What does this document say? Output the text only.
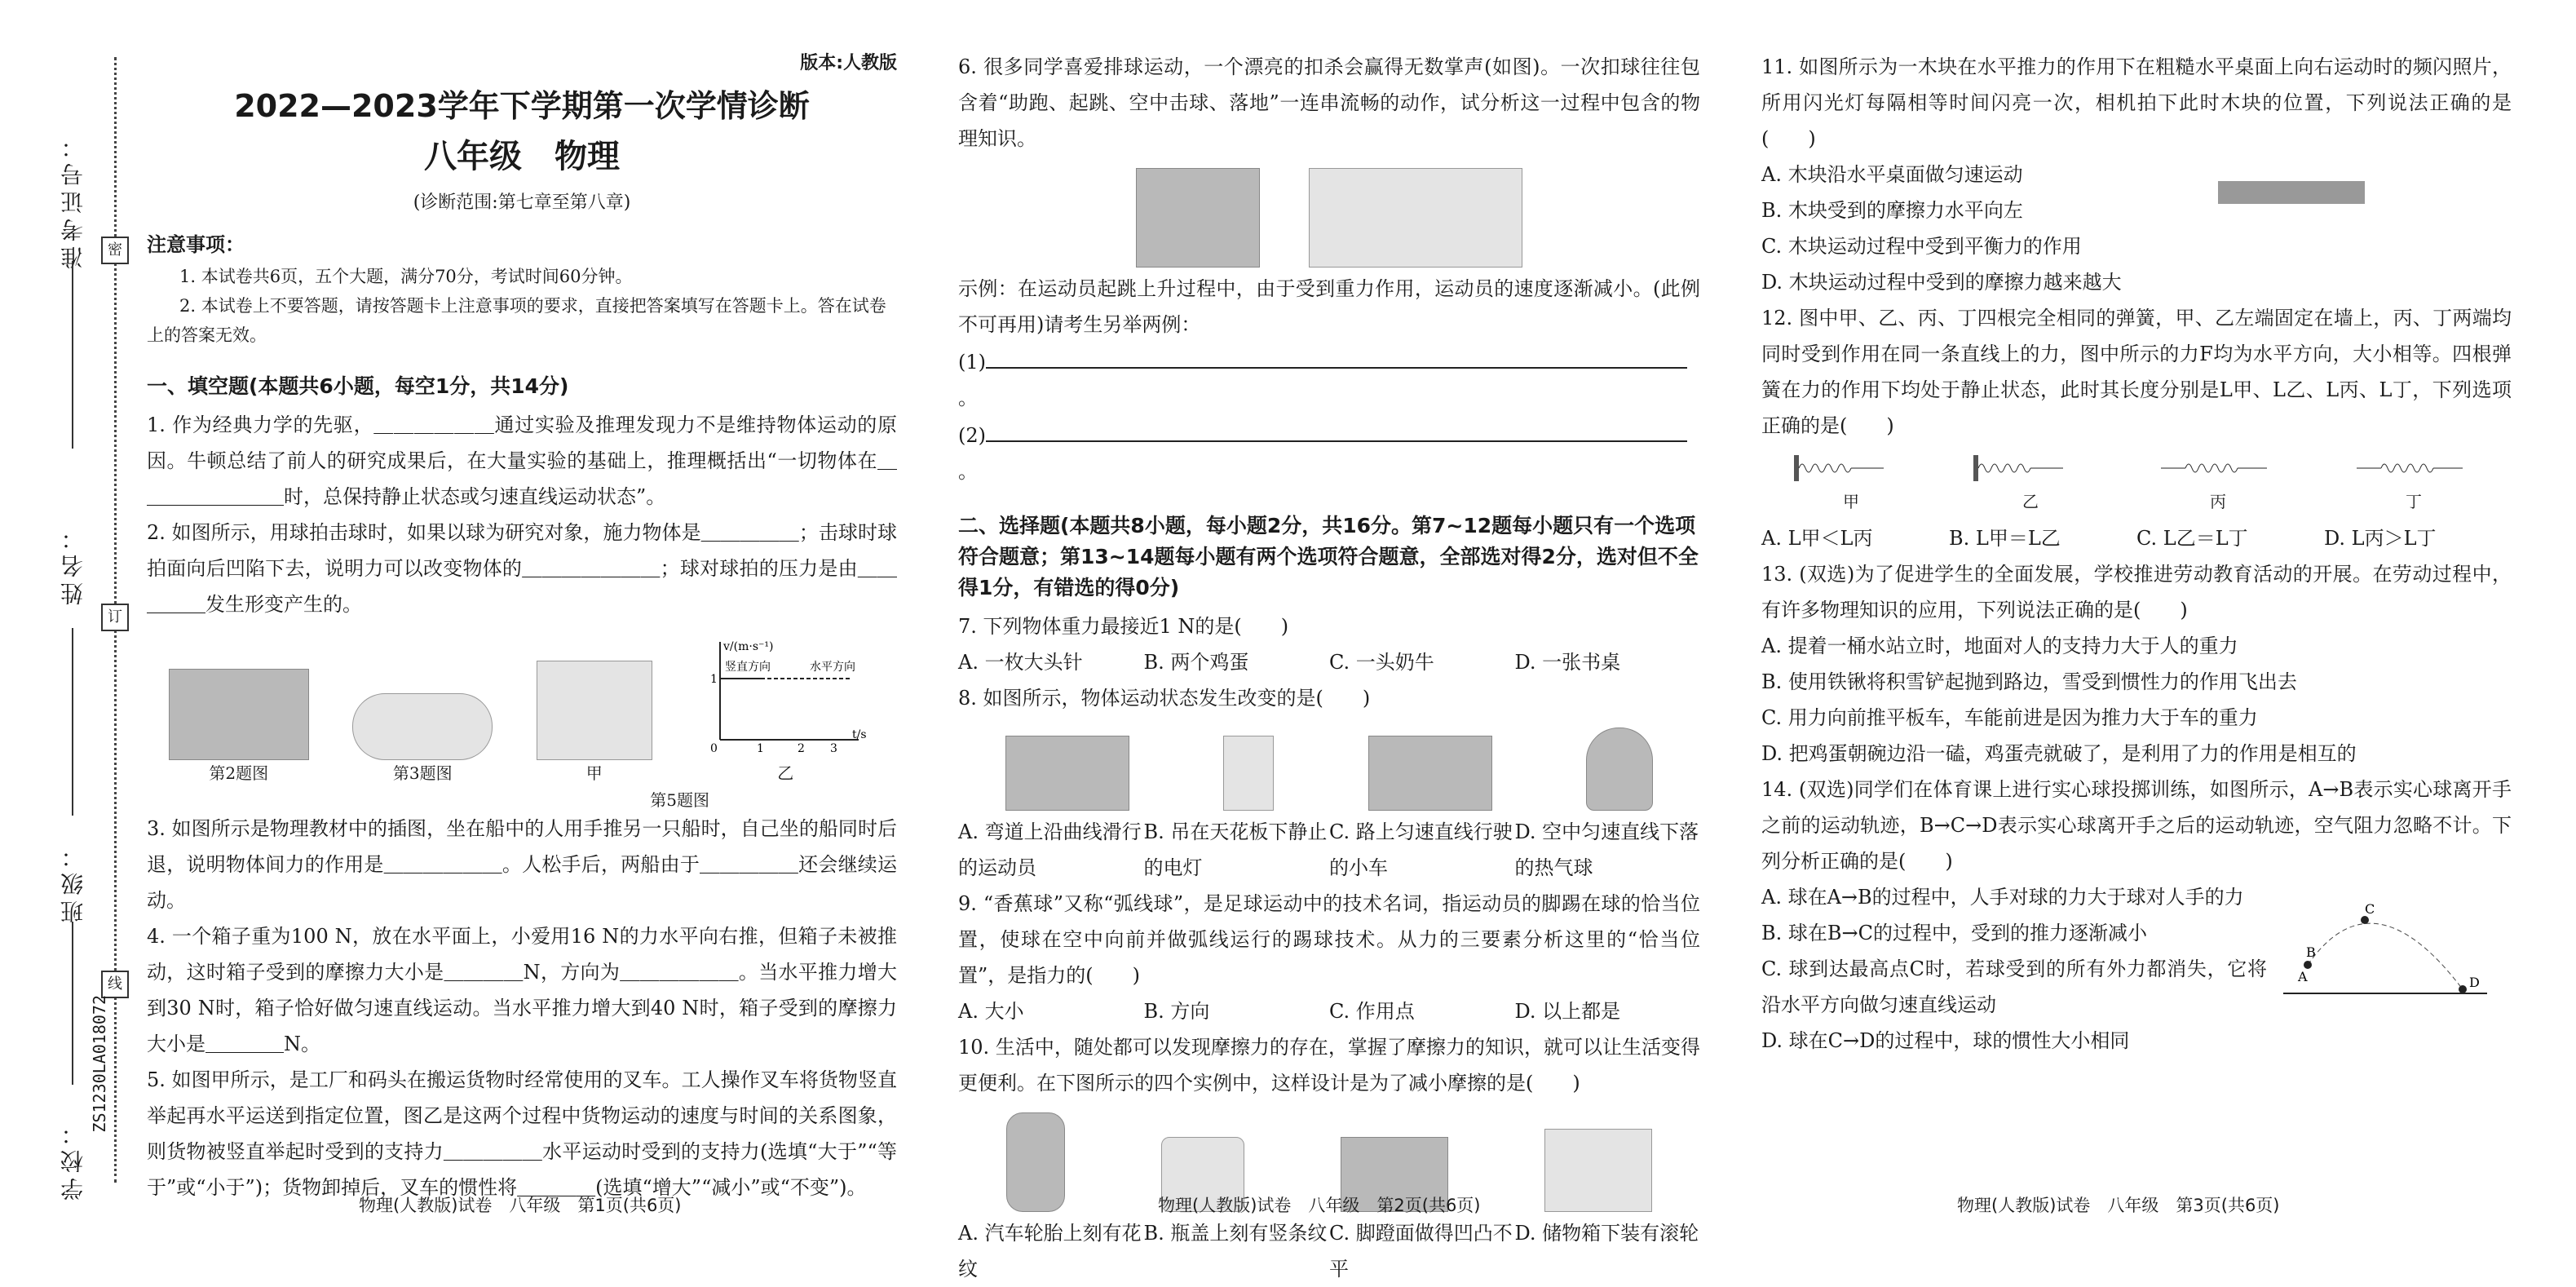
准考证号：
姓名：
班级：
学校：
密
订
线
ZS1230LA018072
版本:人教版
2022—2023学年下学期第一次学情诊断
八年级　物理
(诊断范围:第七章至第八章)
注意事项：
1. 本试卷共6页，五个大题，满分70分，考试时间60分钟。
2. 本试卷上不要答题，请按答题卡上注意事项的要求，直接把答案填写在答题卡上。答在试卷上的答案无效。
一、填空题(本题共6小题，每空1分，共14分)
1. 作为经典力学的先驱，＿＿＿＿＿＿通过实验及推理发现力不是维持物体运动的原因。牛顿总结了前人的研究成果后，在大量实验的基础上，推理概括出“一切物体在＿＿＿＿＿＿＿＿时，总保持静止状态或匀速直线运动状态”。
2. 如图所示，用球拍击球时，如果以球为研究对象，施力物体是＿＿＿＿＿；击球时球拍面向后凹陷下去，说明力可以改变物体的＿＿＿＿＿＿＿；球对球拍的压力是由＿＿＿＿＿发生形变产生的。
第2题图	第3题图	甲
v/(m·s⁻¹)
竖直方向	水平方向
1
0	1	2 3
t/s
乙
第5题图
3. 如图所示是物理教材中的插图，坐在船中的人用手推另一只船时，自己坐的船同时后退，说明物体间力的作用是＿＿＿＿＿＿。人松手后，两船由于＿＿＿＿＿还会继续运动。
4. 一个箱子重为100 N，放在水平面上，小爱用16 N的力水平向右推，但箱子未被推动，这时箱子受到的摩擦力大小是＿＿＿＿N，方向为＿＿＿＿＿＿。当水平推力增大到30 N时，箱子恰好做匀速直线运动。当水平推力增大到40 N时，箱子受到的摩擦力大小是＿＿＿＿N。
5. 如图甲所示，是工厂和码头在搬运货物时经常使用的叉车。工人操作叉车将货物竖直举起再水平运送到指定位置，图乙是这两个过程中货物运动的速度与时间的关系图象，则货物被竖直举起时受到的支持力＿＿＿＿＿水平运动时受到的支持力(选填“大于”“等于”或“小于”)；货物卸掉后，叉车的惯性将＿＿＿＿(选填“增大”“减小”或“不变”)。
物理(人教版)试卷　八年级　第1页(共6页)
6. 很多同学喜爱排球运动，一个漂亮的扣杀会赢得无数掌声(如图)。一次扣球往往包含着“助跑、起跳、空中击球、落地”一连串流畅的动作，试分析这一过程中包含的物理知识。
示例：在运动员起跳上升过程中，由于受到重力作用，运动员的速度逐渐减小。(此例不可再用)请考生另举两例：
(1)。
(2)。
二、选择题(本题共8小题，每小题2分，共16分。第7~12题每小题只有一个选项符合题意；第13~14题每小题有两个选项符合题意，全部选对得2分，选对但不全得1分，有错选的得0分)
7. 下列物体重力最接近1 N的是(　　)
A. 一枚大头针	B. 两个鸡蛋	C. 一头奶牛	D. 一张书桌
8. 如图所示，物体运动状态发生改变的是(　　)
A. 弯道上沿曲线滑行的运动员
B. 吊在天花板下静止的电灯
C. 路上匀速直线行驶的小车
D. 空中匀速直线下落的热气球
9. “香蕉球”又称“弧线球”，是足球运动中的技术名词，指运动员的脚踢在球的恰当位置，使球在空中向前并做弧线运行的踢球技术。从力的三要素分析这里的“恰当位置”，是指力的(　　)
A. 大小	B. 方向	C. 作用点	D. 以上都是
10. 生活中，随处都可以发现摩擦力的存在，掌握了摩擦力的知识，就可以让生活变得更便利。在下图所示的四个实例中，这样设计是为了减小摩擦的是(　　)
A. 汽车轮胎上刻有花纹
B. 瓶盖上刻有竖条纹 C. 脚蹬面做得凹凸不平
D. 储物箱下装有滚轮
物理(人教版)试卷　八年级　第2页(共6页)
11. 如图所示为一木块在水平推力的作用下在粗糙水平桌面上向右运动时的频闪照片，所用闪光灯每隔相等时间闪亮一次，相机拍下此时木块的位置，下列说法正确的是(　　)
A. 木块沿水平桌面做匀速运动
B. 木块受到的摩擦力水平向左
C. 木块运动过程中受到平衡力的作用
D. 木块运动过程中受到的摩擦力越来越大
12. 图中甲、乙、丙、丁四根完全相同的弹簧，甲、乙左端固定在墙上，丙、丁两端均同时受到作用在同一条直线上的力，图中所示的力F均为水平方向，大小相等。四根弹簧在力的作用下均处于静止状态，此时其长度分别是L甲、L乙、L丙、L丁，下列选项正确的是(　　)
甲	乙	丙	丁
A. L甲＜L丙	B. L甲＝L乙	C. L乙＝L丁	D. L丙＞L丁
13. (双选)为了促进学生的全面发展，学校推进劳动教育活动的开展。在劳动过程中，有许多物理知识的应用，下列说法正确的是(　　)
A. 提着一桶水站立时，地面对人的支持力大于人的重力
B. 使用铁锹将积雪铲起抛到路边，雪受到惯性力的作用飞出去
C. 用力向前推平板车，车能前进是因为推力大于车的重力
D. 把鸡蛋朝碗边沿一磕，鸡蛋壳就破了，是利用了力的作用是相互的
14. (双选)同学们在体育课上进行实心球投掷训练，如图所示，A→B表示实心球离开手之前的运动轨迹，B→C→D表示实心球离开手之后的运动轨迹，空气阻力忽略不计。下列分析正确的是(　　)
A. 球在A→B的过程中，人手对球的力大于球对人手的力
B. 球在B→C的过程中，受到的推力逐渐减小
C. 球到达最高点C时，若球受到的所有外力都消失，它将沿水平方向做匀速直线运动
D. 球在C→D的过程中，球的惯性大小相同
A
B
C
D
物理(人教版)试卷　八年级　第3页(共6页)
